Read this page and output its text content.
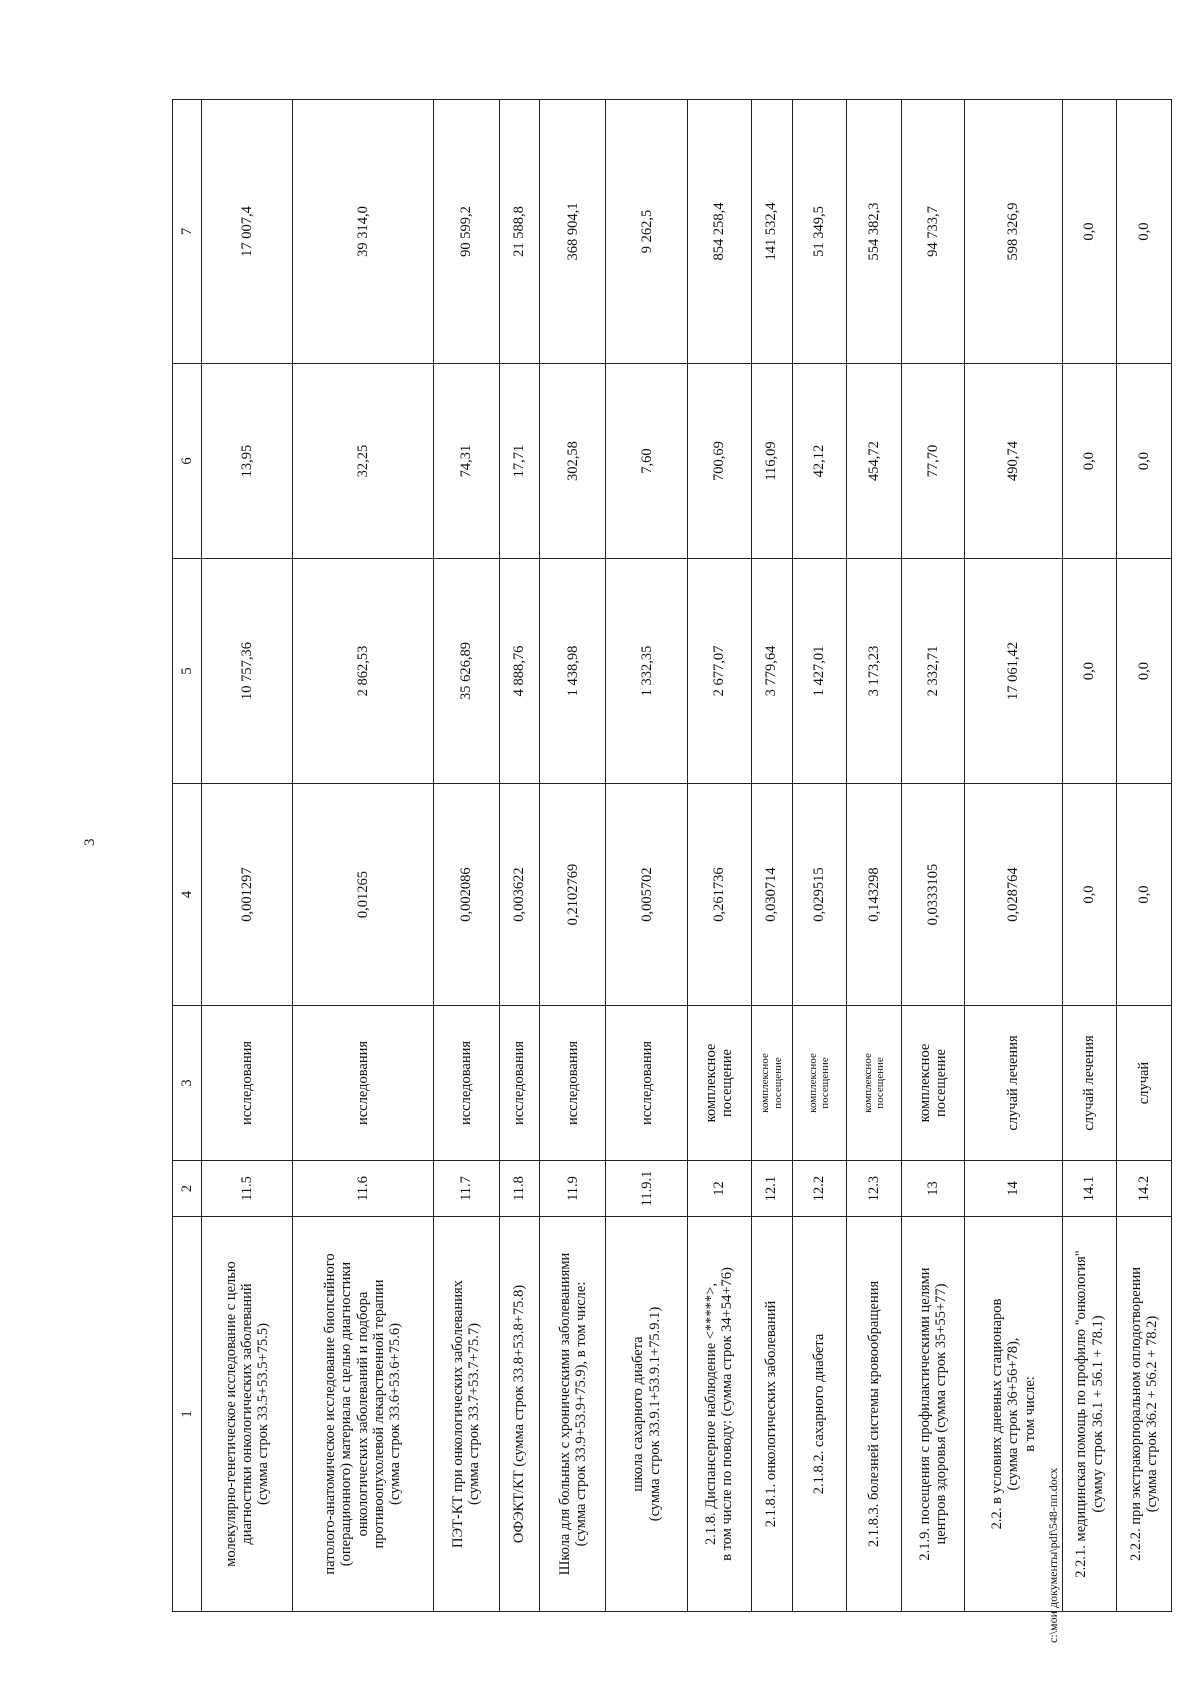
3
1	2	3	4	5	6	7
молекулярно-генетическое исследование с целью
диагностики онкологических заболеваний
(сумма строк 33.5+53.5+75.5)	11.5	исследования	0,001297	10 757,36	13,95	17 007,4
патолого-анатомическое исследование биопсийного
(операционного) материала с целью диагностики
онкологических заболеваний и подбора
противоопухолевой лекарственной терапии
(сумма строк 33.6+53.6+75.6)	11.6	исследования	0,01265	2 862,53	32,25	39 314,0
ПЭТ-КТ при онкологических заболеваниях
(сумма строк 33.7+53.7+75.7)	11.7	исследования	0,002086	35 626,89	74,31	90 599,2
ОФЭКТ/КТ (сумма строк 33.8+53.8+75.8)	11.8	исследования	0,003622	4 888,76	17,71	21 588,8
Школа для больных с хроническими заболеваниями
(сумма строк 33.9+53.9+75.9), в том числе:	11.9	исследования	0,2102769	1 438,98	302,58	368 904,1
школа сахарного диабета
(сумма строк 33.9.1+53.9.1+75.9.1)	11.9.1	исследования	0,005702	1 332,35	7,60	9 262,5
2.1.8. Диспансерное наблюдение <*****>,
в том числе по поводу: (сумма строк 34+54+76)	12	комплексное
посещение	0,261736	2 677,07	700,69	854 258,4
2.1.8.1. онкологических заболеваний	12.1	комплексное
посещение	0,030714	3 779,64	116,09	141 532,4
2.1.8.2. сахарного диабета	12.2	комплексное
посещение	0,029515	1 427,01	42,12	51 349,5
2.1.8.3. болезней системы кровообращения	12.3	комплексное
посещение	0,143298	3 173,23	454,72	554 382,3
2.1.9. посещения с профилактическими целями
центров здоровья (сумма строк 35+55+77)	13	комплексное
посещение	0,0333105	2 332,71	77,70	94 733,7
2.2. в условиях дневных стационаров
(сумма строк 36+56+78),
в том числе:	14	случай лечения	0,028764	17 061,42	490,74	598 326,9
2.2.1. медицинская помощь по профилю "онкология"
(сумму строк 36.1 + 56.1 + 78.1)	14.1	случай лечения	0,0	0,0	0,0	0,0
2.2.2. при экстракорпоральном оплодотворении
(сумма строк 36.2 + 56.2 + 78.2)	14.2	случай	0,0	0,0	0,0	0,0
c:\мои документы\pdf\548-пп.docx
